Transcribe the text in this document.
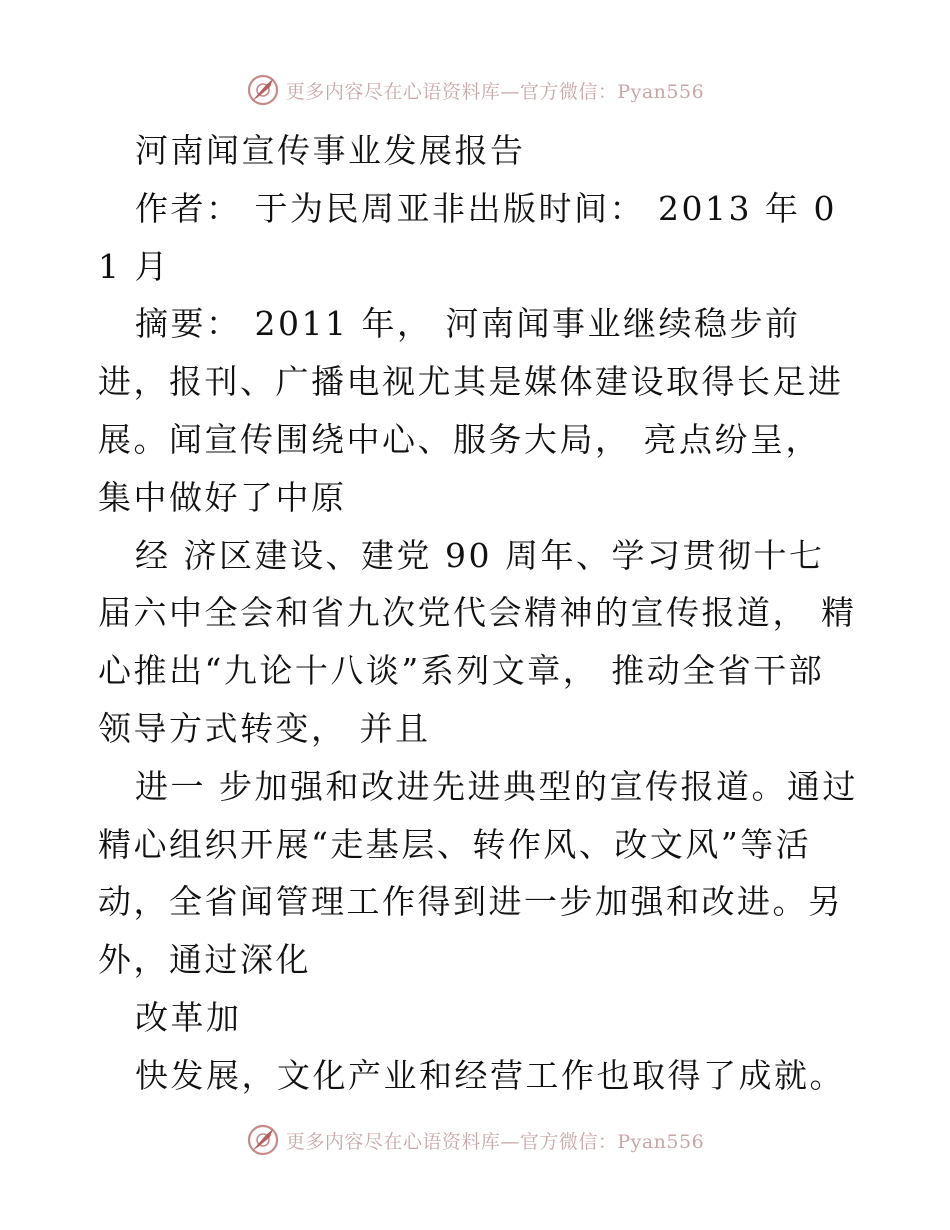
更多内容尽在心语资料库—官方微信：Pyan556

河南闻宣传事业发展报告

作者： 于为民周亚非出版时间： 2013 年 01 月

摘要： 2011 年， 河南闻事业继续稳步前进，报刊、广播电视尤其是媒体建设取得长足进展。闻宣传围绕中心、服务大局， 亮点纷呈， 集中做好了中原

经 济区建设、建党 90 周年、学习贯彻十七届六中全会和省九次党代会精神的宣传报道， 精心推出“九论十八谈”系列文章， 推动全省干部领导方式转变， 并且

进一 步加强和改进先进典型的宣传报道。通过精心组织开展“走基层、转作风、改文风”等活动，全省闻管理工作得到进一步加强和改进。另外，通过深化

改革加

快发展，文化产业和经营工作也取得了成就。

更多内容尽在心语资料库—官方微信：Pyan556
